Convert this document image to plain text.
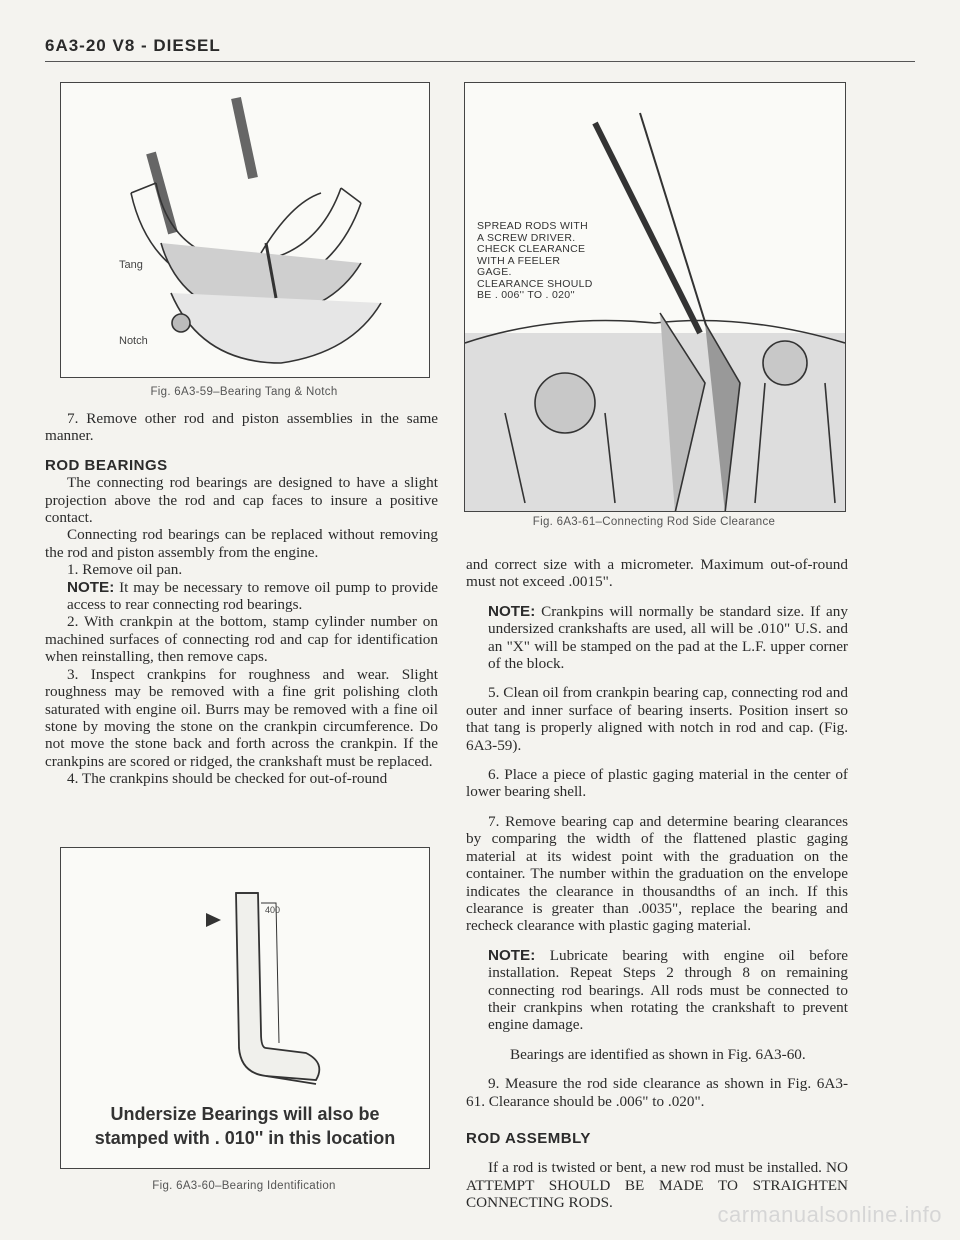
6A3-20 V8 - DIESEL
Tang
Notch
Fig. 6A3-59–Bearing Tang & Notch

7. Remove other rod and piston assemblies in the same manner.

ROD BEARINGS

The connecting rod bearings are designed to have a slight projection above the rod and cap faces to insure a positive contact.

Connecting rod bearings can be replaced without removing the rod and piston assembly from the engine.

1. Remove oil pan.

NOTE: It may be necessary to remove oil pump to provide access to rear connecting rod bearings.

2. With crankpin at the bottom, stamp cylinder number on machined surfaces of connecting rod and cap for identification when reinstalling, then remove caps.

3. Inspect crankpins for roughness and wear. Slight roughness may be removed with a fine grit polishing cloth saturated with engine oil. Burrs may be removed with a fine oil stone by moving the stone on the crankpin circumference. Do not move the stone back and forth across the crankpin. If the crankpins are scored or ridged, the crankshaft must be replaced.

4. The crankpins should be checked for out-of-round

400
Undersize Bearings will also be
stamped with . 010'' in this location
Fig. 6A3-60–Bearing Identification
SPREAD RODS WITH
A SCREW DRIVER.
CHECK CLEARANCE
WITH A FEELER
GAGE.
CLEARANCE SHOULD
BE . 006'' TO . 020''
Fig. 6A3-61–Connecting Rod Side Clearance

and correct size with a micrometer. Maximum out-of-round must not exceed .0015".

NOTE: Crankpins will normally be standard size. If any undersized crankshafts are used, all will be .010" U.S. and an "X" will be stamped on the pad at the L.F. upper corner of the block.

5. Clean oil from crankpin bearing cap, connecting rod and outer and inner surface of bearing inserts. Position insert so that tang is properly aligned with notch in rod and cap. (Fig. 6A3-59).

6. Place a piece of plastic gaging material in the center of lower bearing shell.

7. Remove bearing cap and determine bearing clearances by comparing the width of the flattened plastic gaging material at its widest point with the graduation on the container. The number within the graduation on the envelope indicates the clearance in thousandths of an inch. If this clearance is greater than .0035", replace the bearing and recheck clearance with plastic gaging material.

NOTE: Lubricate bearing with engine oil before installation. Repeat Steps 2 through 8 on remaining connecting rod bearings. All rods must be connected to their crankpins when rotating the crankshaft to prevent engine damage.

Bearings are identified as shown in Fig. 6A3-60.

9. Measure the rod side clearance as shown in Fig. 6A3-61. Clearance should be .006" to .020".

ROD ASSEMBLY

If a rod is twisted or bent, a new rod must be installed. NO ATTEMPT SHOULD BE MADE TO STRAIGHTEN CONNECTING RODS.	carmanualsonline.info
